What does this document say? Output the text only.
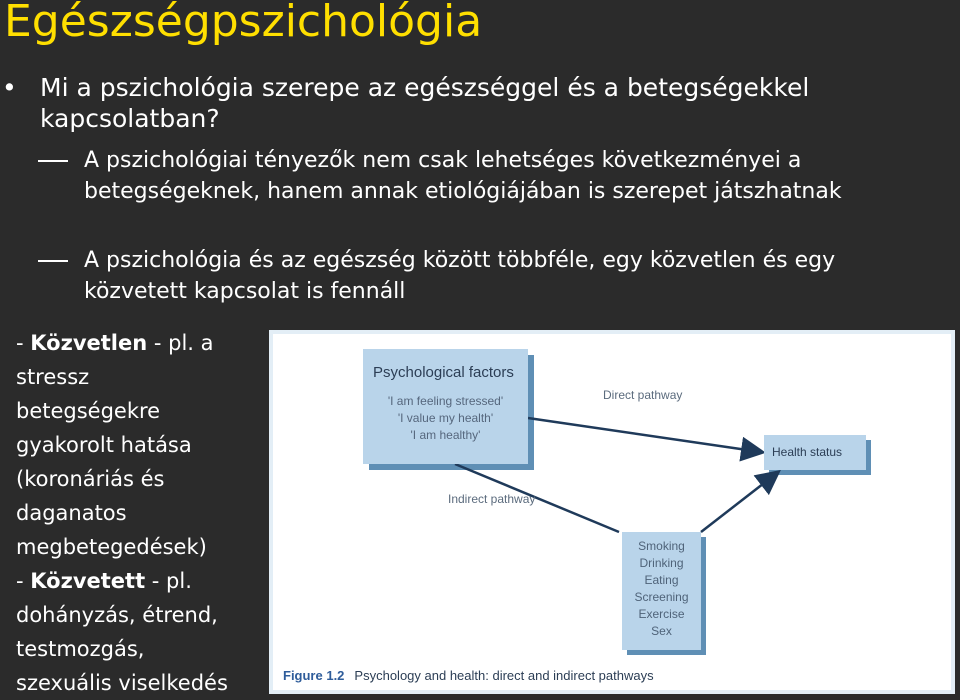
Egészségpszichológia
• Mi a pszichológia szerepe az egészséggel és a betegségekkel kapcsolatban?
A pszichológiai tényezők nem csak lehetséges következményei a betegségeknek, hanem annak etiológiájában is szerepet játszhatnak
A pszichológia és az egészség között többféle, egy közvetlen és egy közvetett kapcsolat is fennáll
- Közvetlen - pl. a
stressz
betegségekre
gyakorolt hatása
(koronáriás és
daganatos
megbetegedések)
- Közvetett - pl.
dohányzás, étrend,
testmozgás,
szexuális viselkedés
Psychological factors
'I am feeling stressed'
'I value my health'
'I am healthy'
Health status
Smoking
Drinking
Eating
Screening
Exercise
Sex
Direct pathway
Indirect pathway
Figure 1.2 Psychology and health: direct and indirect pathways
